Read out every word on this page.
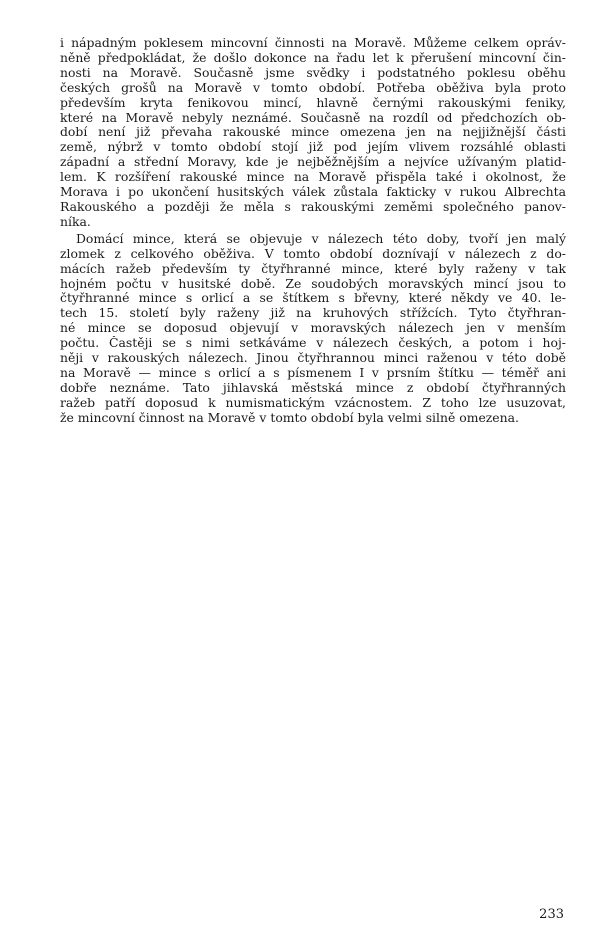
i nápadným poklesem mincovní činnosti na Moravě. Můžeme celkem opráv-
něně předpokládat, že došlo dokonce na řadu let k přerušení mincovní čin-
nosti na Moravě. Současně jsme svědky i podstatného poklesu oběhu
českých grošů na Moravě v tomto období. Potřeba oběživa byla proto
především kryta fenikovou mincí, hlavně černými rakouskými feniky,
které na Moravě nebyly neznámé. Současně na rozdíl od předchozích ob-
dobí není již převaha rakouské mince omezena jen na nejjižnější části
země, nýbrž v tomto období stojí již pod jejím vlivem rozsáhlé oblasti
západní a střední Moravy, kde je nejběžnějším a nejvíce užívaným platid-
lem. K rozšíření rakouské mince na Moravě přispěla také i okolnost, že
Morava i po ukončení husitských válek zůstala fakticky v rukou Albrechta
Rakouského a později že měla s rakouskými zeměmi společného panov-
níka.
Domácí mince, která se objevuje v nálezech této doby, tvoří jen malý
zlomek z celkového oběživa. V tomto období doznívají v nálezech z do-
mácích ražeb především ty čtyřhranné mince, které byly raženy v tak
hojném počtu v husitské době. Ze soudobých moravských mincí jsou to
čtyřhranné mince s orlicí a se štítkem s břevny, které někdy ve 40. le-
tech 15. století byly raženy již na kruhových střížcích. Tyto čtyřhran-
né mince se doposud objevují v moravských nálezech jen v menším
počtu. Častěji se s nimi setkáváme v nálezech českých, a potom i hoj-
něji v rakouských nálezech. Jinou čtyřhrannou minci raženou v této době
na Moravě — mince s orlicí a s písmenem I v prsním štítku — téměř ani
dobře neznáme. Tato jihlavská městská mince z období čtyřhranných
ražeb patří doposud k numismatickým vzácnostem. Z toho lze usuzovat,
že mincovní činnost na Moravě v tomto období byla velmi silně omezena.
233
